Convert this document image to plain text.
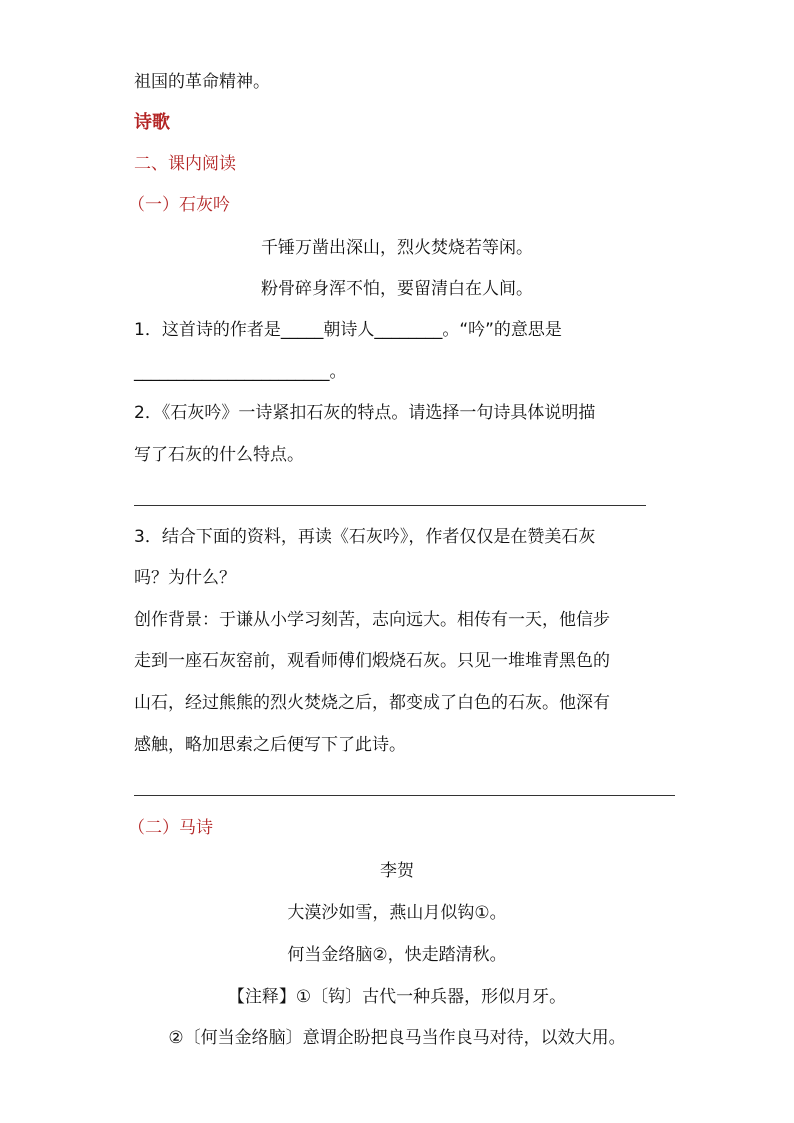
祖国的革命精神。
诗歌
二、课内阅读
（一）石灰吟
千锤万凿出深山，烈火焚烧若等闲。
粉骨碎身浑不怕，要留清白在人间。
1．这首诗的作者是_____朝诗人________。“吟”的意思是
_______________________。
2．《石灰吟》一诗紧扣石灰的特点。请选择一句诗具体说明描
写了石灰的什么特点。
3．结合下面的资料，再读《石灰吟》，作者仅仅是在赞美石灰
吗？为什么？
创作背景：于谦从小学习刻苦，志向远大。相传有一天，他信步
走到一座石灰窑前，观看师傅们煅烧石灰。只见一堆堆青黑色的
山石，经过熊熊的烈火焚烧之后，都变成了白色的石灰。他深有
感触，略加思索之后便写下了此诗。
（二）马诗
李贺
大漠沙如雪，燕山月似钩①。
何当金络脑②，快走踏清秋。
【注释】①〔钩〕古代一种兵器，形似月牙。
②〔何当金络脑〕意谓企盼把良马当作良马对待，以效大用。
